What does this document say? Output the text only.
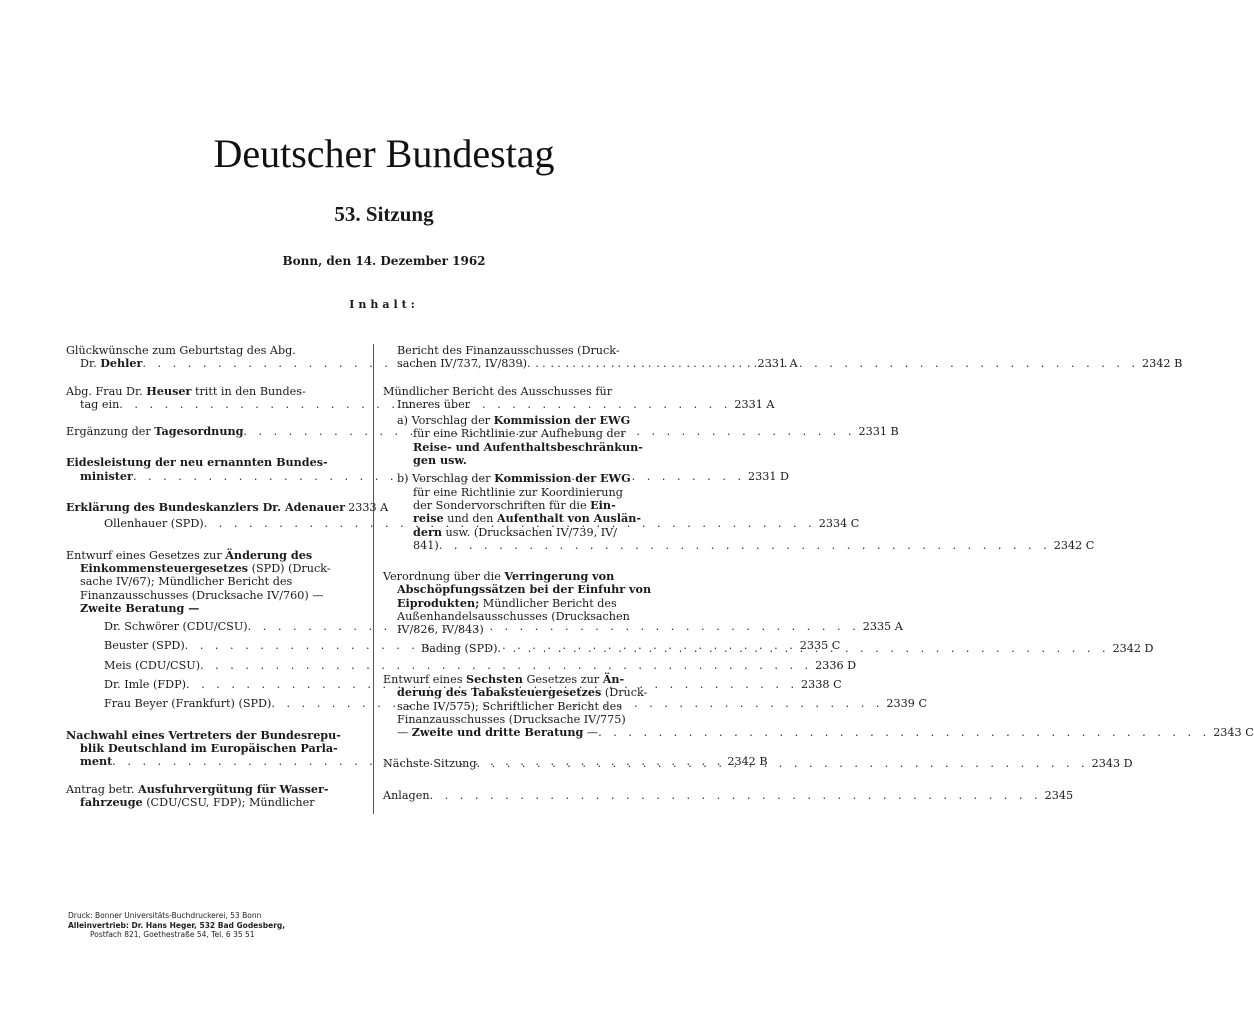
Deutscher Bundestag
53. Sitzung
Bonn, den 14. Dezember 1962
Inhalt:
Glückwünsche zum Geburtstag des Abg.
Dr. Dehler . . .	2331 A
Abg. Frau Dr. Heuser tritt in den Bundes-
tag ein . . .	2331 A
Ergänzung der Tagesordnung . . .	2331 B
Eidesleistung der neu ernannten Bundes-
minister . . .	2331 D
Erklärung des Bundeskanzlers Dr. Adenauer 2333 A
Ollenhauer (SPD) . . .	2334 C
Entwurf eines Gesetzes zur Änderung des
Einkommensteuergesetzes (SPD) (Druck-
sache IV/67); Mündlicher Bericht des
Finanzausschusses (Drucksache IV/760) —
Zweite Beratung —
Dr. Schwörer (CDU/CSU) . . .	2335 A
Beuster (SPD) . . .	2335 C
Meis (CDU/CSU) . . .	2336 D
Dr. Imle (FDP) . . .	2338 C
Frau Beyer (Frankfurt) (SPD) . . .	2339 C
Nachwahl eines Vertreters der Bundesrepu-
blik Deutschland im Europäischen Parla-
ment . . .	2342 B
Antrag betr. Ausfuhrvergütung für Wasser-
fahrzeuge (CDU/CSU, FDP); Mündlicher
Bericht des Finanzausschusses (Druck-
sachen IV/737, IV/839) . . .	2342 B
Mündlicher Bericht des Ausschusses für
Inneres über
a) Vorschlag der Kommission der EWG
für eine Richtlinie zur Aufhebung der
Reise- und Aufenthaltsbeschränkun-
gen usw.
b) Vorschlag der Kommission der EWG
für eine Richtlinie zur Koordinierung
der Sondervorschriften für die Ein-
reise und den Aufenthalt von Auslän-
dern usw. (Drucksachen IV/739, IV/
841) . . .	2342 C
Verordnung über die Verringerung von
Abschöpfungssätzen bei der Einfuhr von
Eiprodukten; Mündlicher Bericht des
Außenhandelsausschusses (Drucksachen
IV/826, IV/843)
Bading (SPD) . . .	2342 D
Entwurf eines Sechsten Gesetzes zur Än-
derung des Tabaksteuergesetzes (Druck-
sache IV/575); Schriftlicher Bericht des
Finanzausschusses (Drucksache IV/775)
— Zweite und dritte Beratung — . . .	2343 C
Nächste Sitzung . . .	2343 D
Anlagen . . .	2345
Druck: Bonner Universitäts-Buchdruckerei, 53 Bonn
Alleinvertrieb: Dr. Hans Heger, 532 Bad Godesberg,
Postfach 821, Goethestraße 54, Tel. 6 35 51
